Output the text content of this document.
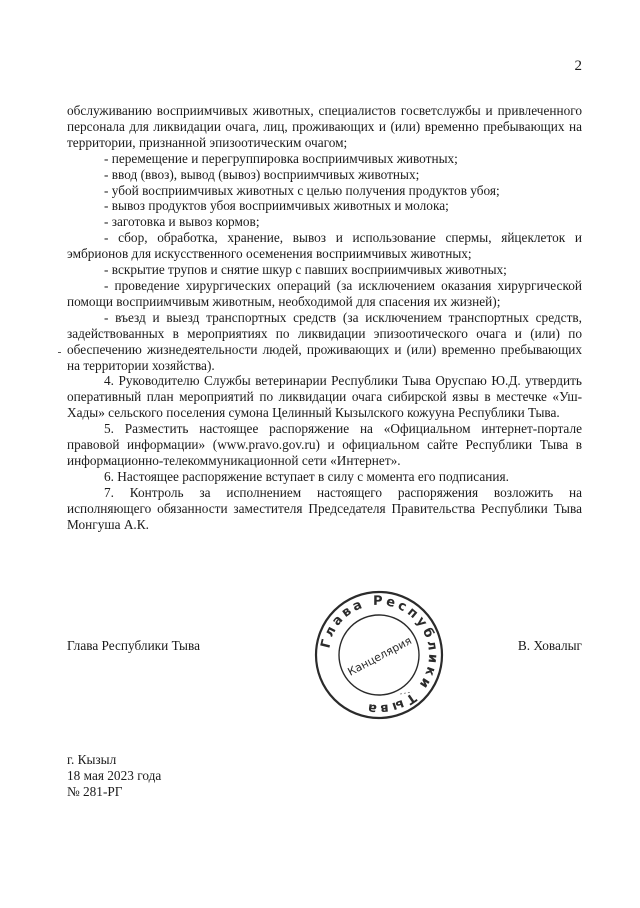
2

обслуживанию восприимчивых животных, специалистов госветслужбы и привлеченного персонала для ликвидации очага, лиц, проживающих и (или) временно пребывающих на территории, признанной эпизоотическим очагом;

- перемещение и перегруппировка восприимчивых животных;

- ввод (ввоз), вывод (вывоз) восприимчивых животных;

- убой восприимчивых животных с целью получения продуктов убоя;

- вывоз продуктов убоя восприимчивых животных и молока;

- заготовка и вывоз кормов;

- сбор, обработка, хранение, вывоз и использование спермы, яйцеклеток и эмбрионов для искусственного осеменения восприимчивых животных;

- вскрытие трупов и снятие шкур с павших восприимчивых животных;

- проведение хирургических операций (за исключением оказания хирургической помощи восприимчивым животным, необходимой для спасения их жизней);

- въезд и выезд транспортных средств (за исключением транспортных средств, задействованных в мероприятиях по ликвидации эпизоотического очага и (или) по обеспечению жизнедеятельности людей, проживающих и (или) временно пребывающих на территории хозяйства).

4. Руководителю Службы ветеринарии Республики Тыва Оруспаю Ю.Д. утвердить оперативный план мероприятий по ликвидации очага сибирской язвы в местечке «Уш-Хады» сельского поселения сумона Целинный Кызылского кожууна Республики Тыва.

5. Разместить настоящее распоряжение на «Официальном интернет-портале правовой информации» (www.pravo.gov.ru) и официальном сайте Республики Тыва в информационно-телекоммуникационной сети «Интернет».

6. Настоящее распоряжение вступает в силу с момента его подписания.

7. Контроль за исполнением настоящего распоряжения возложить на исполняющего обязанности заместителя Председателя Правительства Республики Тыва Монгуша А.К.

Глава Республики Тыва	В. Ховалыг
Глава Республики Тыва
Канцелярия
г. Кызыл
18 мая 2023 года
№ 281-РГ
